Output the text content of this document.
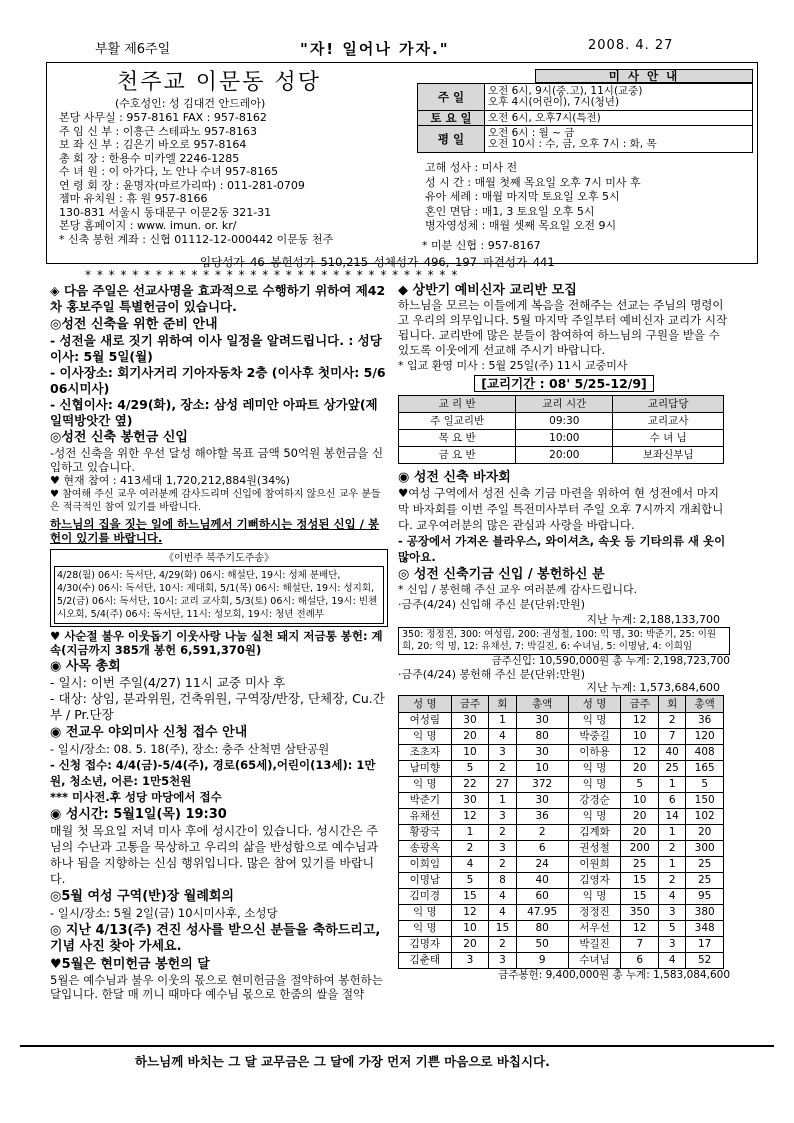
부활 제6주일	"자! 일어나 가자."	2008. 4. 27
천주교 이문동 성당
(수호성인: 성 김대건 안드레아)
본당 사무실 : 957-8161 FAX : 957-8162
주 임 신 부 : 이흥근 스테파노 957-8163
보 좌 신 부 : 김은기 바오로 957-8164
총 회 장 : 한용수 미카엘 2246-1285
수 녀 원 : 이 아가다, 노 안나 수녀 957-8165
연 령 회 장 : 윤명자(마르가리따) : 011-281-0709
젬마 유치원 : 휴 원 957-8166
130-831 서울시 동대문구 이문2동 321-31
본당 홈페이지 : www. imun. or. kr/
* 신축 봉헌 계좌 : 신협 01112-12-000442 이문동 천주
미 사 안 내
주 일	오전 6시, 9시(중.고), 11시(교중)
오후 4시(어린이), 7시(청년)

토 요 일	오전 6시, 오후7시(특전)
평 일	오전 6시 : 월 ~ 금
오전 10시 : 수, 금, 오후 7시 : 화, 목
고해 성사 : 미사 전
성 시 간 : 매월 첫째 목요일 오후 7시 미사 후
유아 세례 : 매월 마지막 토요일 오후 5시
혼인 면담 : 매1, 3 토요일 오후 5시
병자영성체 : 매월 셋째 목요일 오전 9시
* 미분 신협 : 957-8167
입당성가 46 봉헌성가 510,215 성체성가 496, 197 파견성가 441
* * * * * * * * * * * * * * * * * * * * * * * * * * * * * * * *

◈ 다음 주일은 선교사명을 효과적으로 수행하기 위하여 제42차 홍보주일 특별헌금이 있습니다.

◎성전 신축을 위한 준비 안내

- 성전을 새로 짓기 위하여 이사 일정을 알려드립니다. : 성당이사: 5월 5일(월)

- 이사장소: 회기사거리 기아자동차 2층 (이사후 첫미사: 5/6 06시미사)

- 신협이사: 4/29(화), 장소: 삼성 레미안 아파트 상가앞(제일떡방앗간 옆)

◎성전 신축 봉헌금 신입

-성전 신축을 위한 우선 달성 해야할 목표 금액 50억원 봉헌금을 신입하고 있습니다.

♥ 현재 참여 : 413세대 1,720,212,884원(34%)

♥ 참여해 주신 교우 여러분께 감사드리며 신입에 참여하지 않으신 교우 분들은 적극적인 참여 있기를 바랍니다.

하느님의 집을 짓는 일에 하느님께서 기뻐하시는 정성된 신입 / 봉헌이 있기를 바랍니다.

《이번주 북주기도주송》
4/28(월) 06시: 독서단, 4/29(화) 06시: 해설단, 19시: 성체 분배단, 4/30(수) 06시: 독서단, 10시: 제대회, 5/1(목) 06시: 해설단, 19시: 성지회, 5/2(금) 06시: 독서단, 10시: 교리 교사회, 5/3(토) 06시: 해설단, 19시: 빈첸시오회, 5/4(주) 06시: 독서단, 11시: 성모회, 19시: 청년 전례부

♥ 사순절 불우 이웃돕기 이웃사랑 나눔 실천 돼지 저금통 봉헌: 계속(지금까지 385개 봉헌 6,591,370원)

◉ 사목 총회

- 일시: 이번 주일(4/27) 11시 교중 미사 후

- 대상: 상임, 분과위원, 건축위원, 구역장/반장, 단체장, Cu.간부 / Pr.단장

◉ 전교우 야외미사 신청 접수 안내

- 일시/장소: 08. 5. 18(주), 장소: 충주 산척면 삼탄공원

- 신청 접수: 4/4(금)-5/4(주), 경로(65세),어린이(13세): 1만원, 청소년, 어른: 1만5천원

*** 미사전.후 성당 마당에서 접수

◉ 성시간: 5월1일(목) 19:30

매월 첫 목요일 저녁 미사 후에 성시간이 있습니다. 성시간은 주님의 수난과 고통을 묵상하고 우리의 삶을 반성함으로 예수님과 하나 됨을 지향하는 신심 행위입니다. 많은 참여 있기를 바랍니다.

◎5월 여성 구역(반)장 월례회의

- 일시/장소: 5월 2일(금) 10시미사후, 소성당

◎ 지난 4/13(주) 견진 성사를 받으신 분들을 축하드리고, 기념 사진 찾아 가세요.

♥5월은 현미헌금 봉헌의 달

5월은 예수님과 불우 이웃의 몫으로 현미헌금을 절약하여 봉헌하는 달입니다. 한달 매 끼니 때마다 예수님 몫으로 한줌의 쌀을 절약

◆ 상반기 예비신자 교리반 모집

하느님을 모르는 이들에게 복음을 전해주는 선교는 주님의 명령이고 우리의 의무입니다. 5월 마지막 주일부터 예비신자 교리가 시작됩니다. 교리반에 많은 분들이 참여하여 하느님의 구원을 받을 수 있도록 이웃에게 선교해 주시기 바랍니다.

* 입교 환영 미사 : 5월 25일(주) 11시 교중미사

[교리기간 : 08' 5/25-12/9]
교 리 반	교리 시간	교리담당
주 일교리반	09:30	교리교사
목 요 반	10:00	수 녀 님
금 요 반	20:00	보좌신부님

◉ 성전 신축 바자회

♥여성 구역에서 성전 신축 기금 마련을 위하여 현 성전에서 마지막 바자회를 이번 주일 특전미사부터 주일 오후 7시까지 개최합니다. 교우여러분의 많은 관심과 사랑을 바랍니다.

- 공장에서 가져온 블라우스, 와이셔츠, 속옷 등 기타의류 새 옷이 많아요.

◎ 성전 신축기금 신입 / 봉헌하신 분

* 신입 / 봉헌해 주신 교우 여러분께 감사드립니다.

·금주(4/24) 신입해 주신 분(단위:만원)

지난 누계: 2,188,133,700

350: 정정진, 300: 여성림, 200: 권성철, 100: 익 명, 30: 박준기, 25: 이원희, 20: 익 명, 12: 유채선, 7: 박길진, 6: 수녀님, 5: 이명남, 4: 이희임

금주신입: 10,590,000원 총 누계: 2,198,723,700

·금주(4/24) 봉헌해 주신 분(단위:만원)

지난 누계: 1,573,684,600

성 명	금주	회	총액	성 명	금주	회	총액
여성림	30	1	30	익 명	12	2	36
익 명	20	4	80	박중길	10	7	120
조초자	10	3	30	이하용	12	40	408
남미향	5	2	10	익 명	20	25	165
익 명	22	27	372	익 명	5	1	5
박준기	30	1	30	강경순	10	6	150
유채선	12	3	36	익 명	20	14	102
황광국	1	2	2	김계화	20	1	20
송광옥	2	3	6	권성철	200	2	300
이희임	4	2	24	이원희	25	1	25
이명남	5	8	40	김영자	15	2	25
김미경	15	4	60	익 명	15	4	95
익 명	12	4	47.95	정정진	350	3	380
익 명	10	15	80	서우선	12	5	348
김명자	20	2	50	박길진	7	3	17
김춘태	3	3	9	수녀님	6	4	52

금주봉헌: 9,400,000원 총 누계: 1,583,084,600

하느님께 바치는 그 달 교무금은 그 달에 가장 먼저 기쁜 마음으로 바칩시다.
